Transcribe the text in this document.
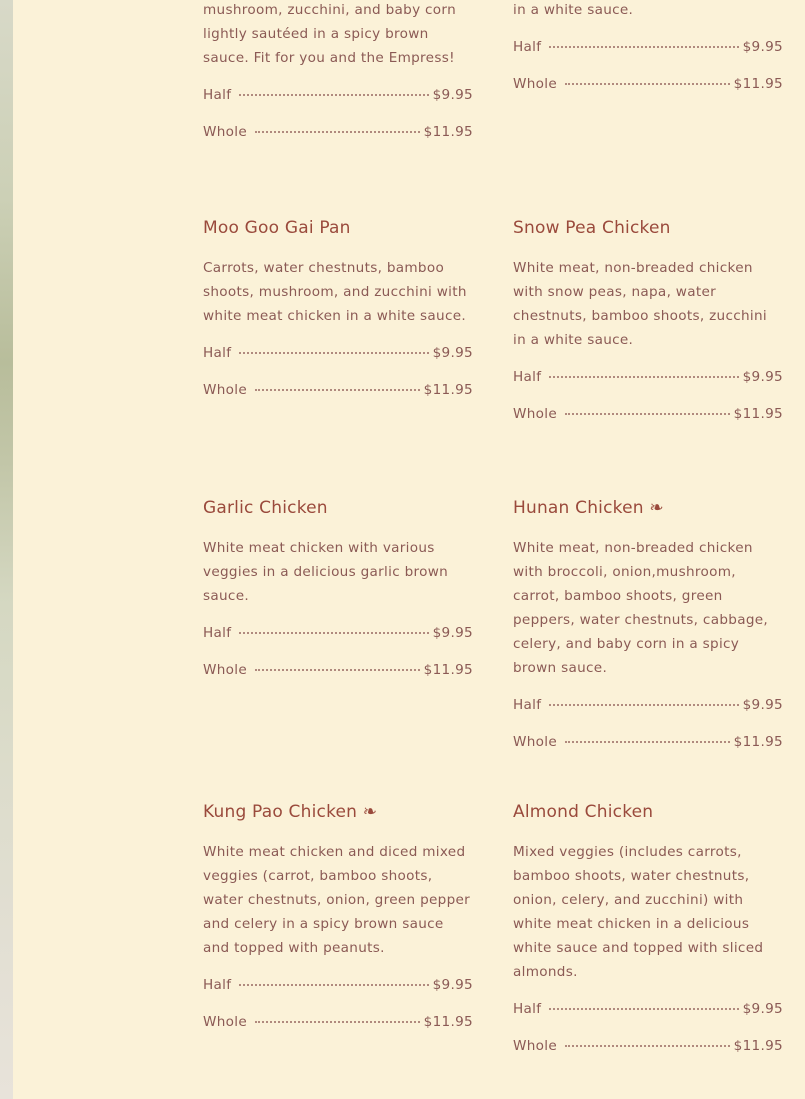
mushroom, zucchini, and baby corn lightly sautéed in a spicy brown sauce. Fit for you and the Empress!

Half	$9.95
Whole	$11.95

in a white sauce.

Half	$9.95
Whole	$11.95
Moo Goo Gai Pan

Carrots, water chestnuts, bamboo shoots, mushroom, and zucchini with white meat chicken in a white sauce.

Half	$9.95
Whole	$11.95
Snow Pea Chicken

White meat, non-breaded chicken with snow peas, napa, water chestnuts, bamboo shoots, zucchini in a white sauce.

Half	$9.95
Whole	$11.95
Garlic Chicken

White meat chicken with various veggies in a delicious garlic brown sauce.

Half	$9.95
Whole	$11.95
Hunan Chicken ❧

White meat, non-breaded chicken with broccoli, onion,mushroom, carrot, bamboo shoots, green peppers, water chestnuts, cabbage, celery, and baby corn in a spicy brown sauce.

Half	$9.95
Whole	$11.95
Kung Pao Chicken ❧

White meat chicken and diced mixed veggies (carrot, bamboo shoots, water chestnuts, onion, green pepper and celery in a spicy brown sauce and topped with peanuts.

Half	$9.95
Whole	$11.95
Almond Chicken

Mixed veggies (includes carrots, bamboo shoots, water chestnuts, onion, celery, and zucchini) with white meat chicken in a delicious white sauce and topped with sliced almonds.

Half	$9.95
Whole	$11.95
